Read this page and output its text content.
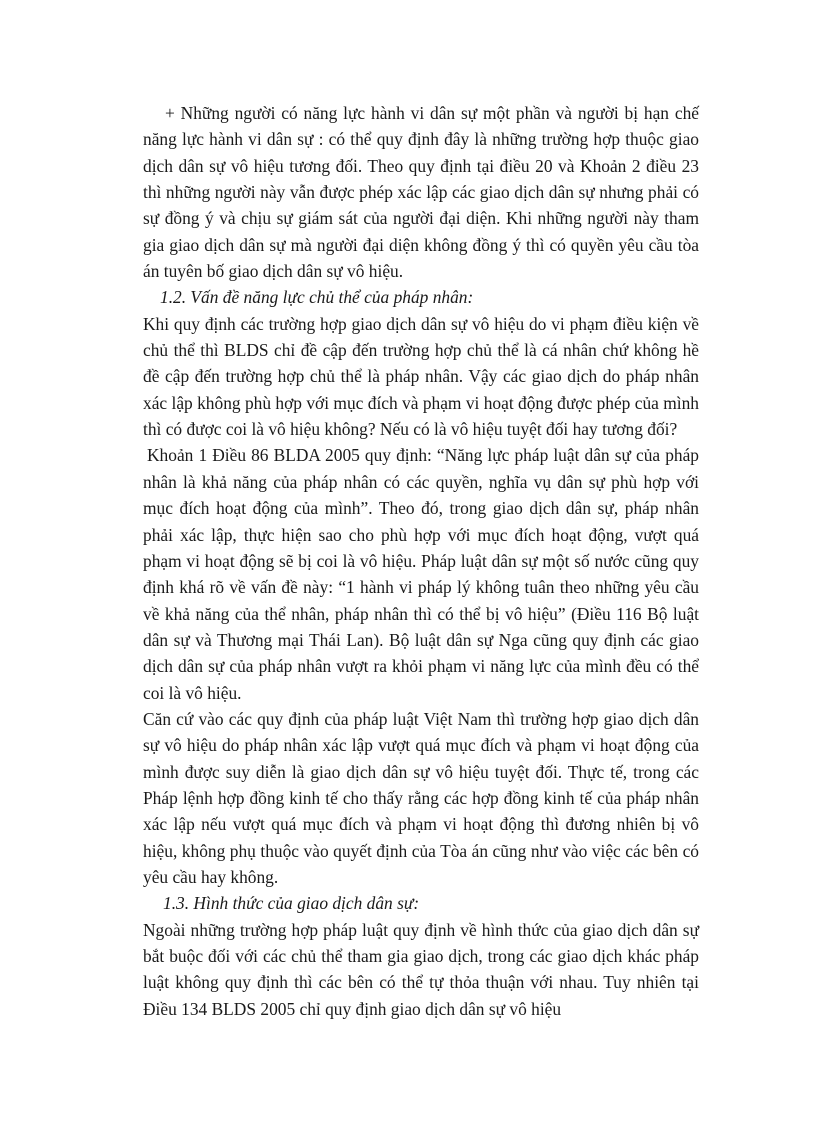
+ Những người có năng lực hành vi dân sự một phần và người bị hạn chế năng lực hành vi dân sự : có thể quy định đây là những trường hợp thuộc giao dịch dân sự vô hiệu tương đối. Theo quy định tại điều 20 và Khoản 2 điều 23 thì những người này vẫn được phép xác lập các giao dịch dân sự nhưng phải có sự đồng ý và chịu sự giám sát của người đại diện. Khi những người này tham gia giao dịch dân sự mà người đại diện không đồng ý thì có quyền yêu cầu tòa án tuyên bố giao dịch dân sự vô hiệu.

1.2. Vấn đề năng lực chủ thể của pháp nhân:

Khi quy định các trường hợp giao dịch dân sự vô hiệu do vi phạm điều kiện về chủ thể thì BLDS chỉ đề cập đến trường hợp chủ thể là cá nhân chứ không hề đề cập đến trường hợp chủ thể là pháp nhân. Vậy các giao dịch do pháp nhân xác lập không phù hợp với mục đích và phạm vi hoạt động được phép của mình thì có được coi là vô hiệu không? Nếu có là vô hiệu tuyệt đối hay tương đối?

Khoản 1 Điều 86 BLDA 2005 quy định: “Năng lực pháp luật dân sự của pháp nhân là khả năng của pháp nhân có các quyền, nghĩa vụ dân sự phù hợp với mục đích hoạt động của mình”. Theo đó, trong giao dịch dân sự, pháp nhân phải xác lập, thực hiện sao cho phù hợp với mục đích hoạt động, vượt quá phạm vi hoạt động sẽ bị coi là vô hiệu. Pháp luật dân sự một số nước cũng quy định khá rõ về vấn đề này: “1 hành vi pháp lý không tuân theo những yêu cầu về khả năng của thể nhân, pháp nhân thì có thể bị vô hiệu” (Điều 116 Bộ luật dân sự và Thương mại Thái Lan). Bộ luật dân sự Nga cũng quy định các giao dịch dân sự của pháp nhân vượt ra khỏi phạm vi năng lực của mình đều có thể coi là vô hiệu.

Căn cứ vào các quy định của pháp luật Việt Nam thì trường hợp giao dịch dân sự vô hiệu do pháp nhân xác lập vượt quá mục đích và phạm vi hoạt động của mình được suy diễn là giao dịch dân sự vô hiệu tuyệt đối. Thực tế, trong các Pháp lệnh hợp đồng kinh tế cho thấy rằng các hợp đồng kinh tế của pháp nhân xác lập nếu vượt quá mục đích và phạm vi hoạt động thì đương nhiên bị vô hiệu, không phụ thuộc vào quyết định của Tòa án cũng như vào việc các bên có yêu cầu hay không.

1.3. Hình thức của giao dịch dân sự:

Ngoài những trường hợp pháp luật quy định về hình thức của giao dịch dân sự bắt buộc đối với các chủ thể tham gia giao dịch, trong các giao dịch khác pháp luật không quy định thì các bên có thể tự thỏa thuận với nhau. Tuy nhiên tại Điều 134 BLDS 2005 chỉ quy định giao dịch dân sự vô hiệu
